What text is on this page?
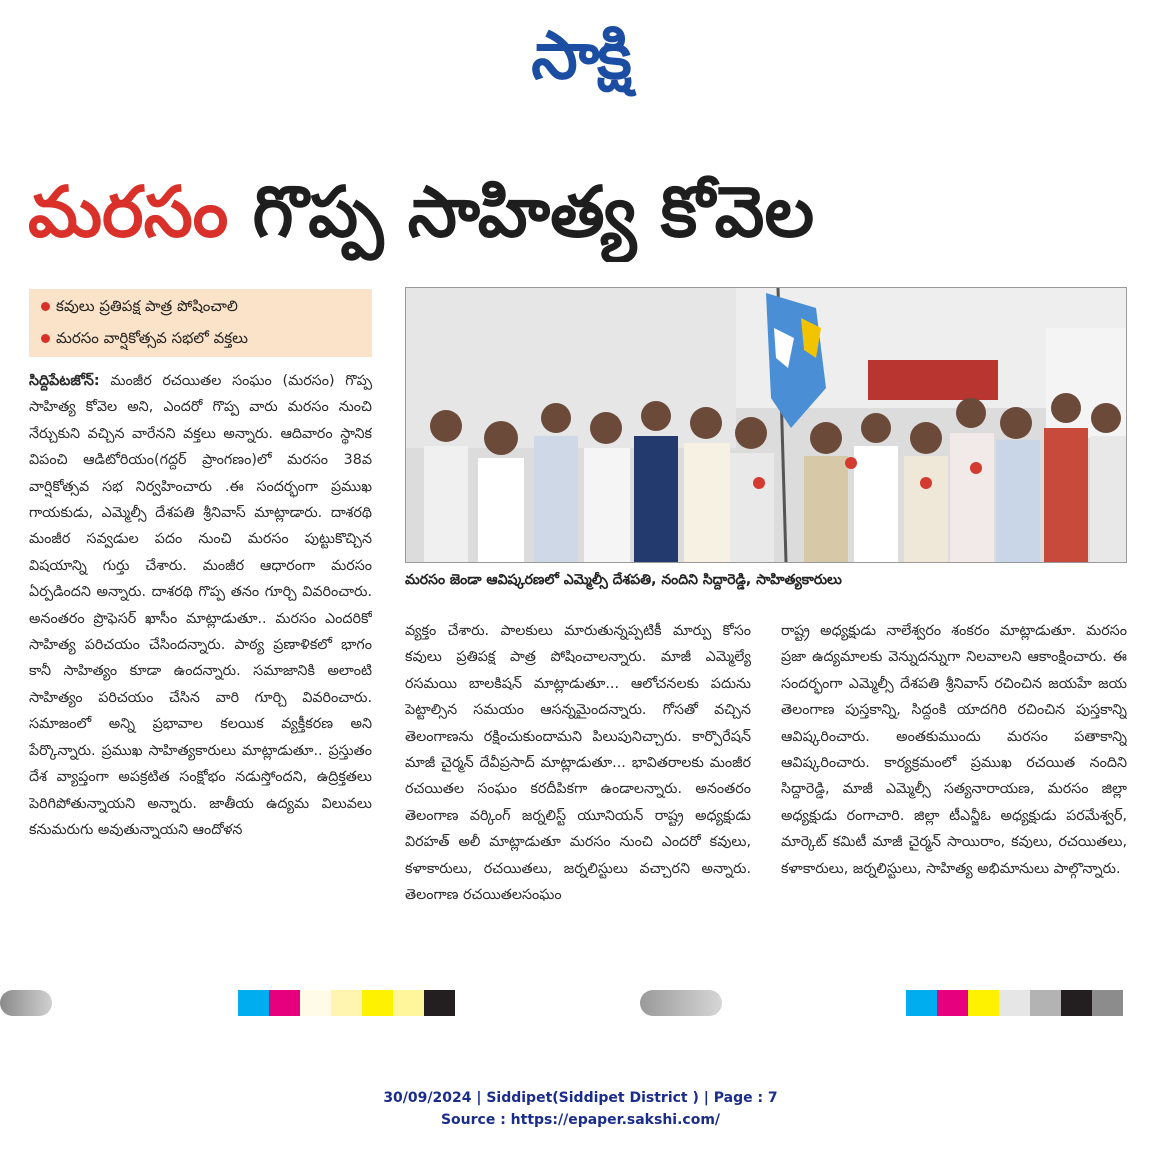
సాక్షి
మరసం గొప్ప సాహిత్య కోవెల
కవులు ప్రతిపక్ష పాత్ర పోషించాలి
మరసం వార్షికోత్సవ సభలో వక్తలు

సిద్దిపేటజోన్: మంజీర రచయితల సంఘం (మరసం) గొప్ప సాహిత్య కోవెల అని, ఎందరో గొప్ప వారు మరసం నుంచి నేర్చుకుని వచ్చిన వారేనని వక్తలు అన్నారు. ఆదివారం స్థానిక విపంచి ఆడిటోరియం(గద్దర్ ప్రాంగణం)లో మరసం 38వ వార్షికోత్సవ సభ నిర్వహించారు .ఈ సందర్భంగా ప్రముఖ గాయకుడు, ఎమ్మెల్సీ దేశపతి శ్రీనివాస్ మాట్లాడారు. దాశరథి మంజీర సవ్వడుల పదం నుంచి మరసం పుట్టుకొచ్చిన విషయాన్ని గుర్తు చేశారు. మంజీర ఆధారంగా మరసం ఏర్పడిందని అన్నారు. దాశరథి గొప్ప తనం గూర్చి వివరించారు. అనంతరం ప్రొఫెసర్ ఖాసీం మాట్లాడుతూ.. మరసం ఎందరికో సాహిత్య పరిచయం చేసిందన్నారు. పాఠ్య ప్రణాళికలో భాగం కానీ సాహిత్యం కూడా ఉందన్నారు. సమాజానికి అలాంటి సాహిత్యం పరిచయం చేసిన వారి గూర్చి వివరించారు. సమాజంలో అన్ని ప్రభావాల కలయిక వ్యక్తీకరణ అని పేర్కొన్నారు. ప్రముఖ సాహిత్యకారులు మాట్లాడుతూ.. ప్రస్తుతం దేశ వ్యాప్తంగా అపక్రటిత సంక్షోభం నడుస్తోందని, ఉద్రిక్తతలు పెరిగిపోతున్నాయని అన్నారు. జాతీయ ఉద్యమ విలువలు కనుమరుగు అవుతున్నాయని ఆందోళన

మరసం జెండా ఆవిష్కరణలో ఎమ్మెల్సీ దేశపతి, నందిని సిద్దారెడ్డి, సాహిత్యకారులు

వ్యక్తం చేశారు. పాలకులు మారుతున్నప్పటికీ మార్పు కోసం కవులు ప్రతిపక్ష పాత్ర పోషించాలన్నారు. మాజీ ఎమ్మెల్యే రసమయి బాలకిషన్ మాట్లాడుతూ... ఆలోచనలకు పదును పెట్టాల్సిన సమయం ఆసన్నమైందన్నారు. గోసతో వచ్చిన తెలంగాణను రక్షించుకుందామని పిలుపునిచ్చారు. కార్పొరేషన్ మాజీ చైర్మన్ దేవీప్రసాద్ మాట్లాడుతూ... భావితరాలకు మంజీర రచయితల సంఘం కరదీపికగా ఉండాలన్నారు. అనంతరం తెలంగాణ వర్కింగ్ జర్నలిస్ట్ యూనియన్ రాష్ట్ర అధ్యక్షుడు విరహత్ అలీ మాట్లాడుతూ మరసం నుంచి ఎందరో కవులు, కళాకారులు, రచయితలు, జర్నలిస్టులు వచ్చారని అన్నారు. తెలంగాణ రచయితలసంఘం

రాష్ట్ర అధ్యక్షుడు నాలేశ్వరం శంకరం మాట్లాడుతూ. మరసం ప్రజా ఉద్యమాలకు వెన్నుదన్నుగా నిలవాలని ఆకాంక్షించారు. ఈ సందర్భంగా ఎమ్మెల్సీ దేశపతి శ్రీనివాస్ రచించిన జయహే జయ తెలంగాణ పుస్తకాన్ని, సిద్దంకి యాదగిరి రచించిన పుస్తకాన్ని ఆవిష్కరించారు. అంతకుముందు మరసం పతాకాన్ని ఆవిష్కరించారు. కార్యక్రమంలో ప్రముఖ రచయిత నందిని సిద్దారెడ్డి, మాజీ ఎమ్మెల్సీ సత్యనారాయణ, మరసం జిల్లా అధ్యక్షుడు రంగాచారి. జిల్లా టీఎన్జీఓ అధ్యక్షుడు పరమేశ్వర్, మార్కెట్ కమిటీ మాజీ చైర్మన్ సాయిరాం, కవులు, రచయితలు, కళాకారులు, జర్నలిస్టులు, సాహిత్య అభిమానులు పాల్గొన్నారు.

30/09/2024 | Siddipet(Siddipet District ) | Page : 7
Source : https://epaper.sakshi.com/
